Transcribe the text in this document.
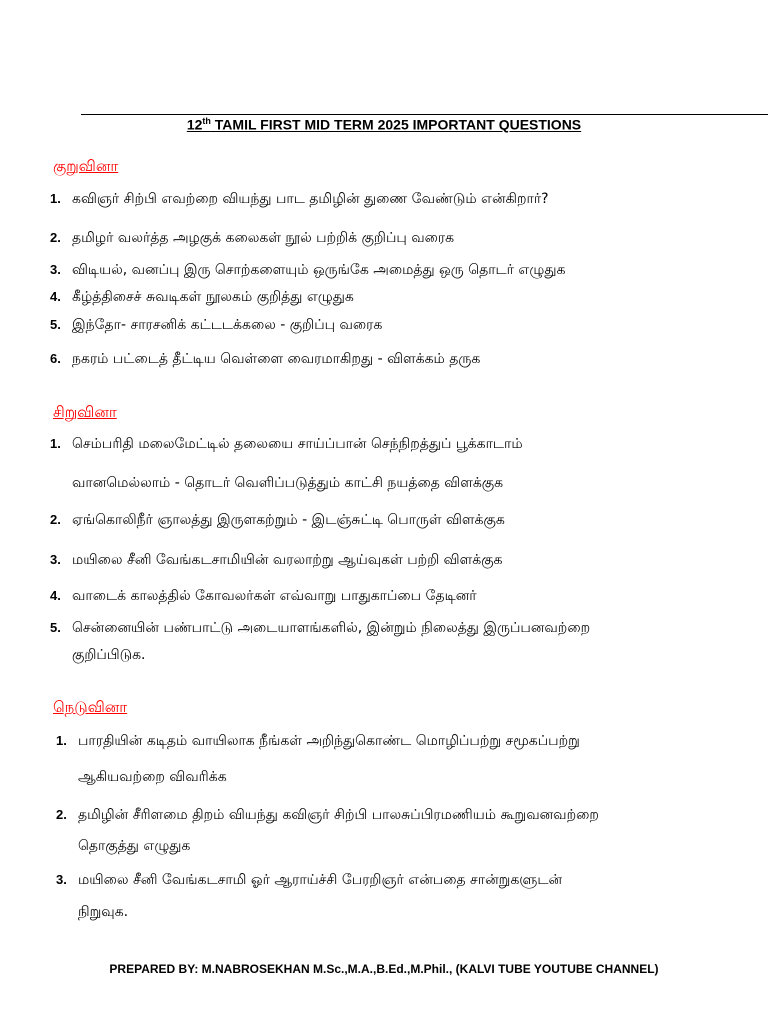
12th TAMIL FIRST MID TERM 2025 IMPORTANT QUESTIONS
குறுவினா
1. கவிஞர் சிற்பி எவற்றை வியந்து பாட தமிழின் துணை வேண்டும் என்கிறார்?
2. தமிழர் வலர்த்த அழகுக் கலைகள் நூல் பற்றிக் குறிப்பு வரைக
3. விடியல், வனப்பு இரு சொற்களையும் ஒருங்கே அமைத்து ஒரு தொடர் எழுதுக
4. கீழ்த்திசைச் சுவடிகள் நூலகம் குறித்து எழுதுக
5. இந்தோ- சாரசனிக் கட்டடக்கலை - குறிப்பு வரைக
6. நகரம் பட்டைத் தீட்டிய வெள்ளை வைரமாகிறது - விளக்கம் தருக
சிறுவினா
1. செம்பரிதி மலைமேட்டில் தலையை சாய்ப்பான் செந்நிறத்துப் பூக்காடாம்
வானமெல்லாம் - தொடர் வெளிப்படுத்தும் காட்சி நயத்தை விளக்குக
2. ஏங்கொலிநீர் ஞாலத்து இருளகற்றும் - இடஞ்சுட்டி பொருள் விளக்குக
3. மயிலை சீனி வேங்கடசாமியின் வரலாற்று ஆய்வுகள் பற்றி விளக்குக
4. வாடைக் காலத்தில் கோவலர்கள் எவ்வாறு பாதுகாப்பை தேடினர்
5. சென்னையின் பண்பாட்டு அடையாளங்களில், இன்றும் நிலைத்து இருப்பனவற்றை
குறிப்பிடுக.
நெடுவினா
1. பாரதியின் கடிதம் வாயிலாக நீங்கள் அறிந்துகொண்ட மொழிப்பற்று சமூகப்பற்று
ஆகியவற்றை விவரிக்க
2. தமிழின் சீரிளமை திறம் வியந்து கவிஞர் சிற்பி பாலசுப்பிரமணியம் கூறுவனவற்றை
தொகுத்து எழுதுக
3. மயிலை சீனி வேங்கடசாமி ஓர் ஆராய்ச்சி பேரறிஞர் என்பதை சான்றுகளுடன்
நிறுவுக.
PREPARED BY: M.NABROSEKHAN M.Sc.,M.A.,B.Ed.,M.Phil., (KALVI TUBE YOUTUBE CHANNEL)
